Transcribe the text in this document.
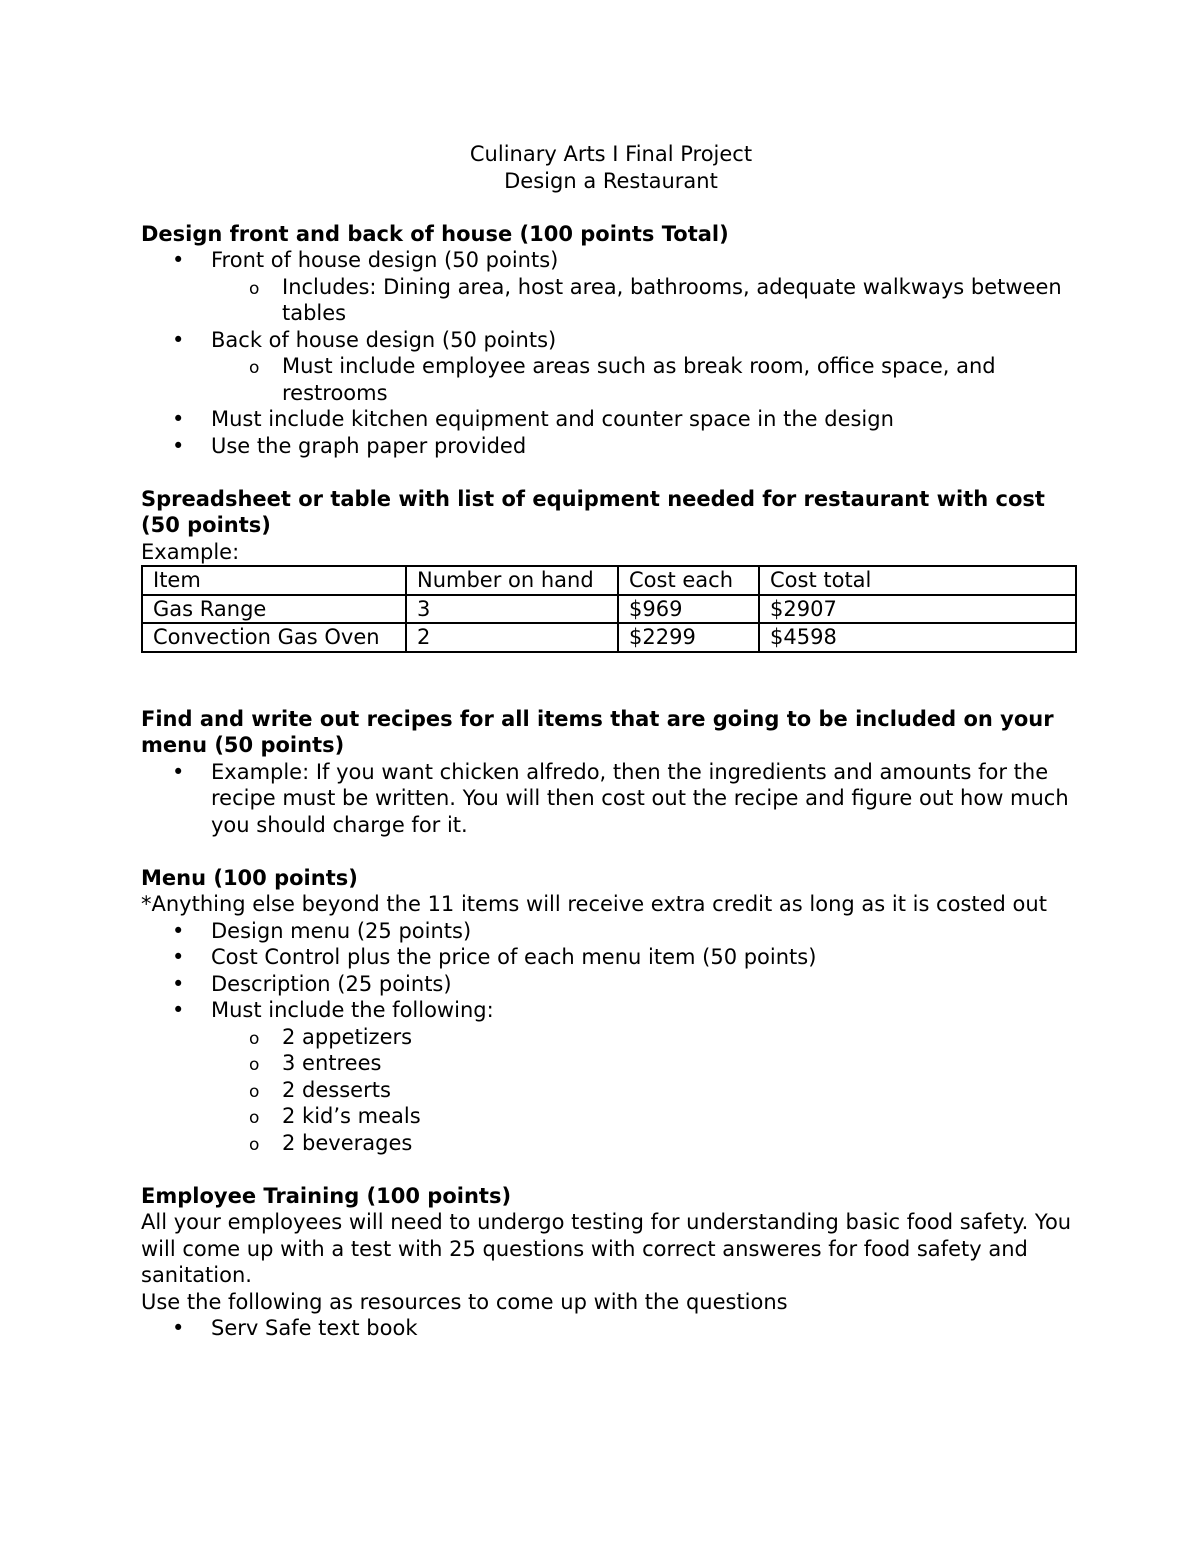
Culinary Arts I Final Project
Design a Restaurant
Design front and back of house (100 points Total)
• Front of house design (50 points)
o Includes: Dining area, host area, bathrooms, adequate walkways between tables
• Back of house design (50 points)
o Must include employee areas such as break room, office space, and restrooms
• Must include kitchen equipment and counter space in the design
• Use the graph paper provided
Spreadsheet or table with list of equipment needed for restaurant with cost (50 points)

Example:

Item	Number on hand	Cost each	Cost total
Gas Range	3	$969	$2907
Convection Gas Oven	2	$2299	$4598
Find and write out recipes for all items that are going to be included on your menu (50 points)
• Example: If you want chicken alfredo, then the ingredients and amounts for the recipe must be written. You will then cost out the recipe and figure out how much you should charge for it.
Menu (100 points)

*Anything else beyond the 11 items will receive extra credit as long as it is costed out

• Design menu (25 points)
• Cost Control plus the price of each menu item (50 points)
• Description (25 points)
• Must include the following:
o 2 appetizers
o 3 entrees
o 2 desserts
o 2 kid’s meals
o 2 beverages
Employee Training (100 points)

All your employees will need to undergo testing for understanding basic food safety. You will come up with a test with 25 questions with correct answeres for food safety and sanitation.

Use the following as resources to come up with the questions

• Serv Safe text book
